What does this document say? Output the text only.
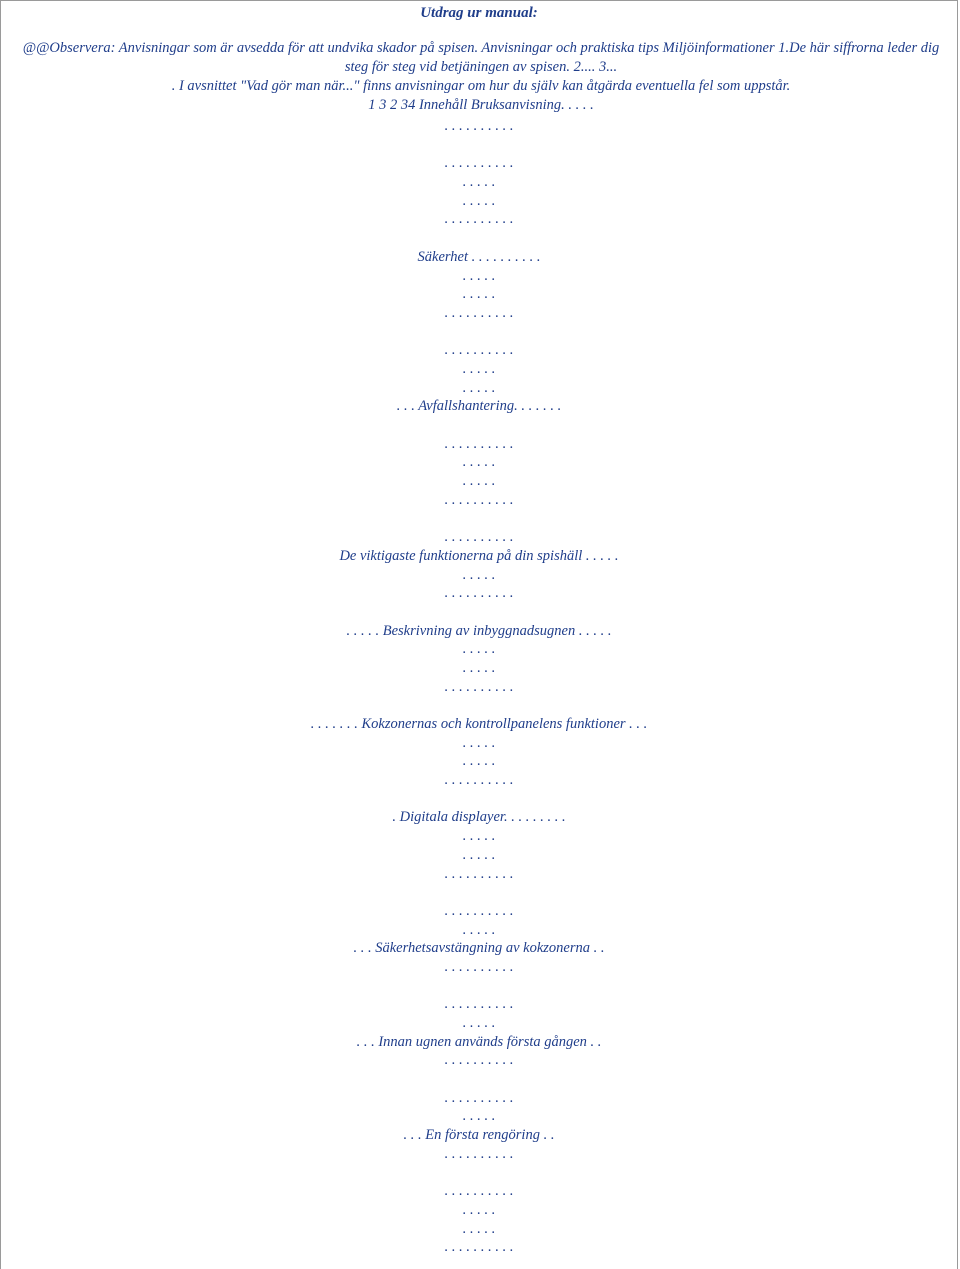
Utdrag ur manual:
@@Observera: Anvisningar som är avsedda för att undvika skador på spisen. Anvisningar och praktiska tips Miljöinformationer 1.De här siffrorna leder dig
steg för steg vid betjäningen av spisen. 2.... 3...
. I avsnittet "Vad gör man när..." finns anvisningar om hur du själv kan åtgärda eventuella fel som uppstår.
1 3 2 34 Innehåll Bruksanvisning. . . . .
. . . . . . . . . .
. . . . . . . . . .
. . . . .
. . . . .
. . . . . . . . . .
Säkerhet . . . . . . . . . .
. . . . .
. . . . .
. . . . . . . . . .
. . . . . . . . . .
. . . . .
. . . . .
. . . Avfallshantering. . . . . . .
. . . . . . . . . .
. . . . .
. . . . .
. . . . . . . . . .
. . . . . . . . . .
De viktigaste funktionerna på din spishäll . . . . .
. . . . .
. . . . . . . . . .
. . . . . Beskrivning av inbyggnadsugnen . . . . .
. . . . .
. . . . .
. . . . . . . . . .
. . . . . . . Kokzonernas och kontrollpanelens funktioner . . .
. . . . .
. . . . .
. . . . . . . . . .
. Digitala displayer. . . . . . . . .
. . . . .
. . . . .
. . . . . . . . . .
. . . . . . . . . .
. . . . .
. . . Säkerhetsavstängning av kokzonerna . .
. . . . . . . . . .
. . . . . . . . . .
. . . . .
. . . Innan ugnen används första gången . .
. . . . . . . . . .
. . . . . . . . . .
. . . . .
. . . En första rengöring . .
. . . . . . . . . .
. . . . . . . . . .
. . . . .
. . . . .
. . . . . . . . . .
